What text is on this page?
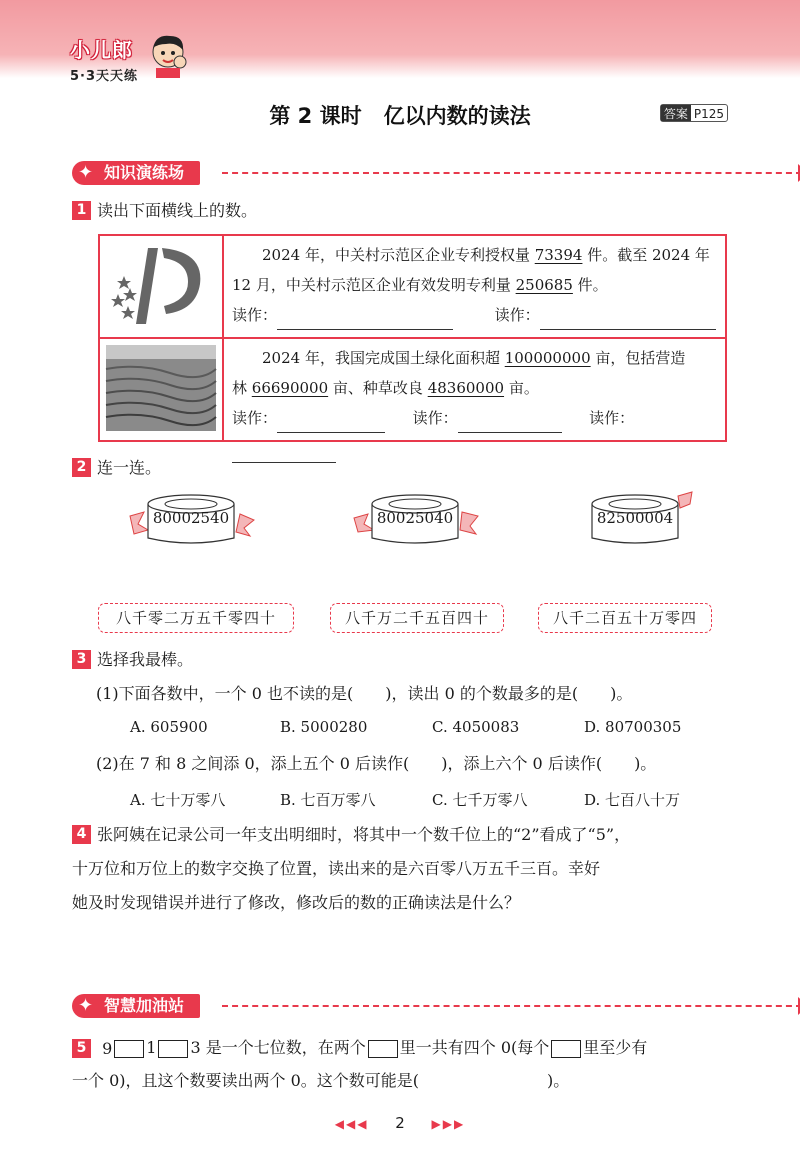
小儿郎
5·3天天练
第 2 课时 亿以内数的读法	答案 P125
✦ 知识演练场
1 读出下面横线上的数。
  2024 年，中关村示范区企业专利授权量 73394 件。截至 2024 年
12 月，中关村示范区企业有效发明专利量 250685 件。
读作：	读作：
  2024 年，我国完成国土绿化面积超 100000000 亩，包括营造
林 66690000 亩、种草改良 48360000 亩。
读作：	读作：	读作：
2 连一连。
80002540	80025040	82500004
八千零二万五千零四十	八千万二千五百四十	八千二百五十万零四
3 选择我最棒。
(1)下面各数中，一个 0 也不读的是(　　)，读出 0 的个数最多的是(　　)。
A. 605900	B. 5000280	C. 4050083	D. 80700305
(2)在 7 和 8 之间添 0，添上五个 0 后读作(　　)，添上六个 0 后读作(　　)。
A. 七十万零八	B. 七百万零八	C. 七千万零八	D. 七百八十万
4 张阿姨在记录公司一年支出明细时，将其中一个数千位上的“2”看成了“5”，
十万位和万位上的数字交换了位置，读出来的是六百零八万五千三百。幸好
她及时发现错误并进行了修改，修改后的数的正确读法是什么？
✦ 智慧加油站
5 9 1 3 是一个七位数，在两个 里一共有四个 0(每个 里至少有
一个 0)，且这个数要读出两个 0。这个数可能是(　　　　　　　　)。
◀◀◀ 2 ▶▶▶
